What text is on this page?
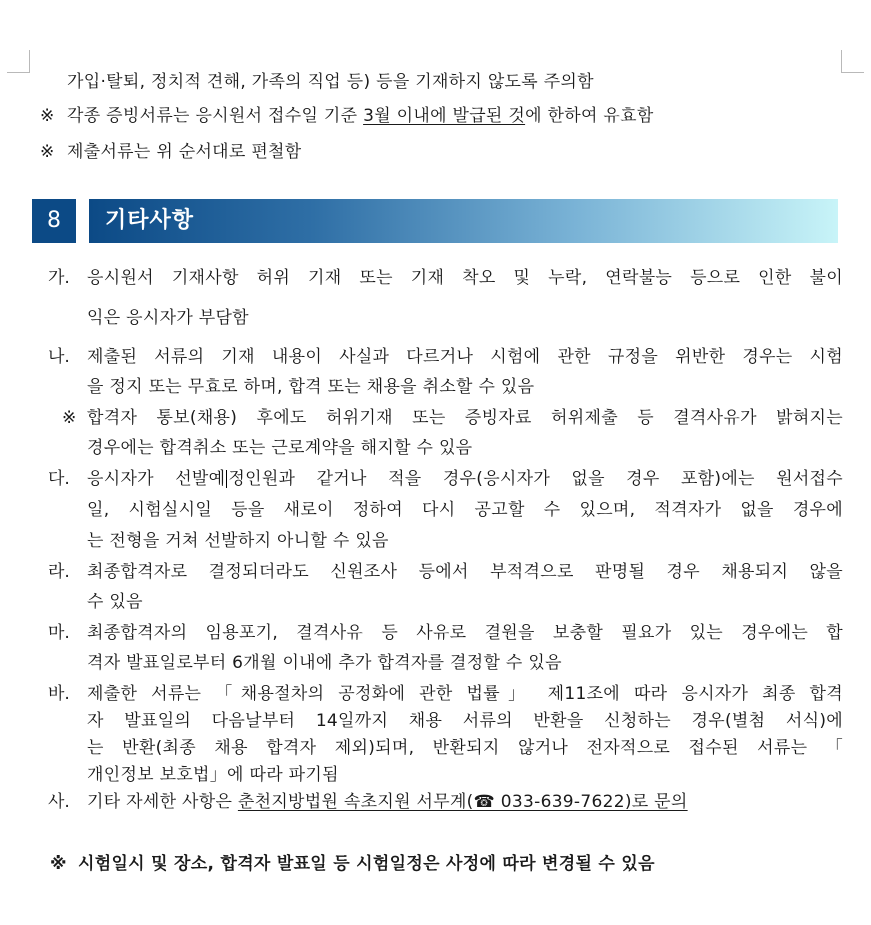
가입·탈퇴, 정치적 견해, 가족의 직업 등) 등을 기재하지 않도록 주의함
※ 각종 증빙서류는 응시원서 접수일 기준 3월 이내에 발급된 것에 한하여 유효함
※ 제출서류는 위 순서대로 편철함
8	기타사항
가. 응시원서 기재사항 허위 기재 또는 기재 착오 및 누락, 연락불능 등으로 인한 불이
익은 응시자가 부담함
나. 제출된 서류의 기재 내용이 사실과 다르거나 시험에 관한 규정을 위반한 경우는 시험
을 정지 또는 무효로 하며, 합격 또는 채용을 취소할 수 있음
※ 합격자 통보(채용) 후에도 허위기재 또는 증빙자료 허위제출 등 결격사유가 밝혀지는
경우에는 합격취소 또는 근로계약을 해지할 수 있음
다. 응시자가 선발예 정인원과 같거나 적을 경우(응시자가 없을 경우 포함)에는 원서접수
일, 시험실시일 등을 새로이 정하여 다시 공고할 수 있으며, 적격자가 없을 경우에
는 전형을 거쳐 선발하지 아니할 수 있음
라. 최종합격자로 결정되더라도 신원조사 등에서 부적격으로 판명될 경우 채용되지 않을
수 있음
마. 최종합격자의 임용포기, 결격사유 등 사유로 결원을 보충할 필요가 있는 경우에는 합
격자 발표일로부터 6개월 이내에 추가 합격자를 결정할 수 있음
바. 제출한 서류는 「채용절차의 공정화에 관한 법률」 제11조에 따라 응시자가 최종 합격
자 발표일의 다음날부터 14일까지 채용 서류의 반환을 신청하는 경우(별첨 서식)에
는 반환(최종 채용 합격자 제외)되며, 반환되지 않거나 전자적으로 접수된 서류는 「
개인정보 보호법」에 따라 파기됨
사. 기타 자세한 사항은 춘천지방법원 속초지원 서무계(☎ 033-639-7622)로 문의
※ 시험일시 및 장소, 합격자 발표일 등 시험일정은 사정에 따라 변경될 수 있음
